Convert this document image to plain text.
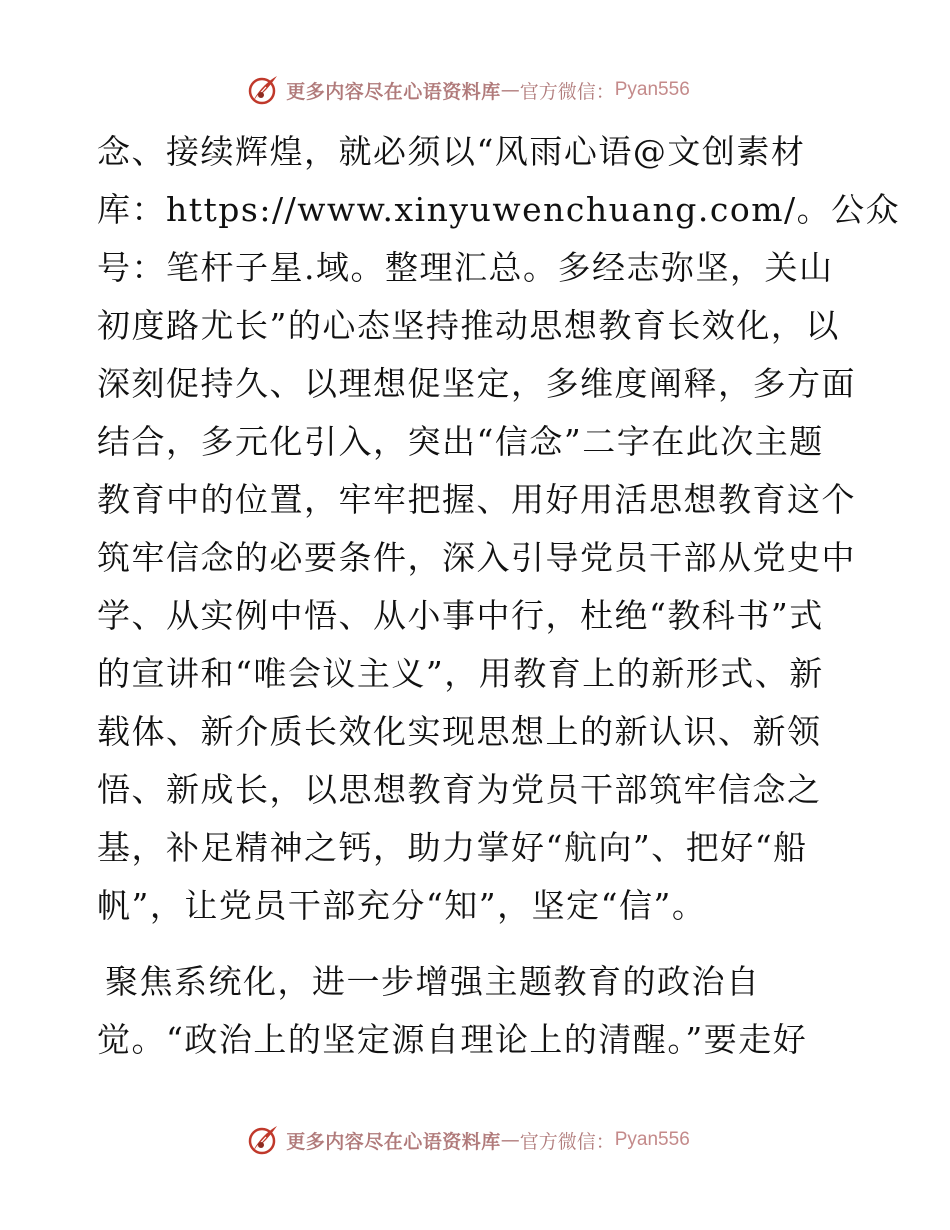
更多内容尽在心语资料库 — 官方微信： Pyan556
念、接续辉煌，就必须以“风雨心语@文创素材
库：https://www.xinyuwenchuang.com/。公众
号：笔杆子星.域。整理汇总。多经志弥坚，关山
初度路尤长”的心态坚持推动思想教育长效化，以
深刻促持久、以理想促坚定，多维度阐释，多方面
结合，多元化引入，突出“信念”二字在此次主题
教育中的位置，牢牢把握、用好用活思想教育这个
筑牢信念的必要条件，深入引导党员干部从党史中
学、从实例中悟、从小事中行，杜绝“教科书”式
的宣讲和“唯会议主义”，用教育上的新形式、新
载体、新介质长效化实现思想上的新认识、新领
悟、新成长，以思想教育为党员干部筑牢信念之
基，补足精神之钙，助力掌好“航向”、把好“船
帆”，让党员干部充分“知”，坚定“信”。
聚焦系统化，进一步增强主题教育的政治自
觉。“政治上的坚定源自理论上的清醒。”要走好
更多内容尽在心语资料库 — 官方微信： Pyan556
